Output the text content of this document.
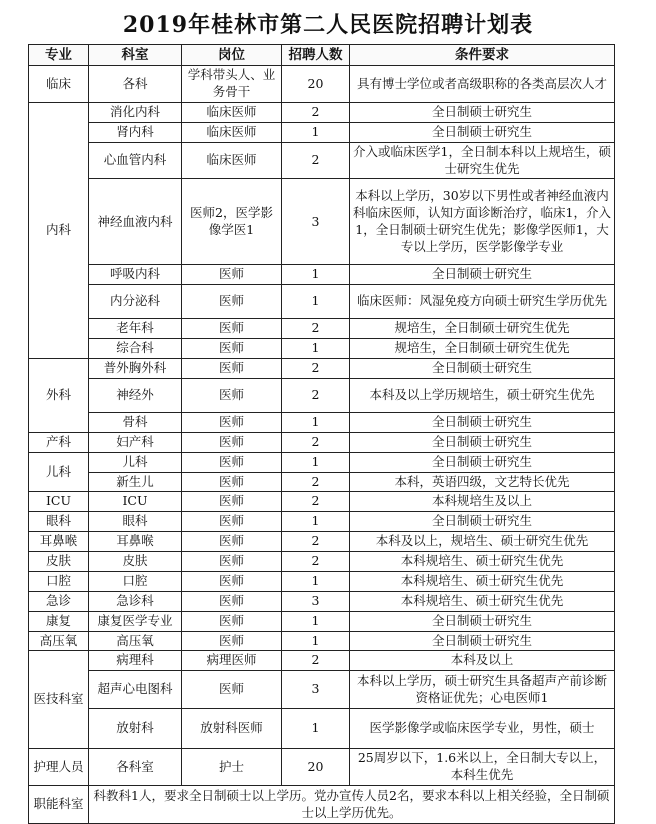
2019年桂林市第二人民医院招聘计划表
专业	科室	岗位	招聘人数	条件要求
临床	各科	学科带头人、业务骨干	20	具有博士学位或者高级职称的各类高层次人才
内科	消化内科	临床医师	2	全日制硕士研究生
	肾内科	临床医师	1	全日制硕士研究生
	心血管内科	临床医师	2	介入或临床医学1，全日制本科以上规培生，硕士研究生优先
	神经血液内科	医师2，医学影像学医1	3	本科以上学历，30岁以下男性或者神经血液内科临床医师，认知方面诊断治疗，临床1，介入1，全日制硕士研究生优先；影像学医师1，大专以上学历，医学影像学专业
	呼吸内科	医师	1	全日制硕士研究生
	内分泌科	医师	1	临床医师：风湿免疫方向硕士研究生学历优先
	老年科	医师	2	规培生，全日制硕士研究生优先
	综合科	医师	1	规培生，全日制硕士研究生优先
外科	普外胸外科	医师	2	全日制硕士研究生
	神经外	医师	2	本科及以上学历规培生，硕士研究生优先
	骨科	医师	1	全日制硕士研究生
产科	妇产科	医师	2	全日制硕士研究生
儿科	儿科	医师	1	全日制硕士研究生
	新生儿	医师	2	本科，英语四级，文艺特长优先
ICU	ICU	医师	2	本科规培生及以上
眼科	眼科	医师	1	全日制硕士研究生
耳鼻喉	耳鼻喉	医师	2	本科及以上，规培生、硕士研究生优先
皮肤	皮肤	医师	2	本科规培生、硕士研究生优先
口腔	口腔	医师	1	本科规培生、硕士研究生优先
急诊	急诊科	医师	3	本科规培生、硕士研究生优先
康复	康复医学专业	医师	1	全日制硕士研究生
高压氧	高压氧	医师	1	全日制硕士研究生
医技科室	病理科	病理医师	2	本科及以上
	超声心电图科	医师	3	本科以上学历，硕士研究生具备超声产前诊断资格证优先；心电医师1
	放射科	放射科医师	1	医学影像学或临床医学专业，男性，硕士
护理人员	各科室	护士	20	25周岁以下，1.6米以上，全日制大专以上，本科生优先
职能科室	科教科1人，要求全日制硕士以上学历。党办宣传人员2名，要求本科以上相关经验，全日制硕士以上学历优先。			
